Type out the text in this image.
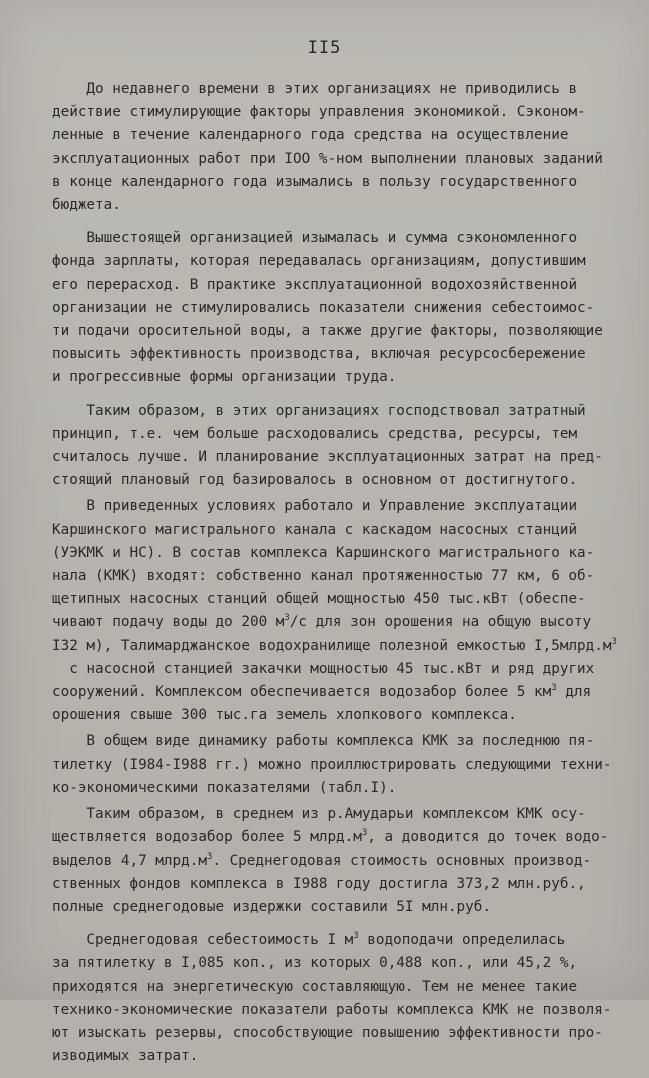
II5

До недавнего времени в этих организациях не приводились в
действие стимулирующие факторы управления экономикой. Сэконом-
ленные в течение календарного года средства на осуществление
эксплуатационных работ при IOO %-ном выполнении плановых заданий
в конце календарного года изымались в пользу государственного
бюджета.

Вышестоящей организацией изымалась и сумма сэкономленного
фонда зарплаты, которая передавалась организациям, допустившим
его перерасход. В практике эксплуатационной водохозяйственной
организации не стимулировались показатели снижения себестоимос-
ти подачи оросительной воды, а также другие факторы, позволяющие
повысить эффективность производства, включая ресурсосбережение
и прогрессивные формы организации труда.

Таким образом, в этих организациях господствовал затратный
принцип, т.е. чем больше расходовались средства, ресурсы, тем
считалось лучше. И планирование эксплуатационных затрат на пред-
стоящий плановый год базировалось в основном от достигнутого.

В приведенных условиях работало и Управление эксплуатации
Каршинского магистрального канала с каскадом насосных станций
(УЭКМК и НС). В состав комплекса Каршинского магистрального ка-
нала (КМК) входят: собственно канал протяженностью 77 км, 6 об-
щетипных насосных станций общей мощностью 450 тыс.кВт (обеспе-
чивают подачу воды до 200 $м^3/с$ для зон орошения на общую высоту
I32 м), Талимарджанское водохранилище полезной емкостью $I,5млрд.м^3$
с насосной станцией закачки мощностью 45 тыс.кВт и ряд других
сооружений. Комплексом обеспечивается водозабор более 5 $км^3$ для
орошения свыше 300 тыс.га земель хлопкового комплекса.

В общем виде динамику работы комплекса КМК за последнюю пя-
тилетку (I984-I988 гг.) можно проиллюстрировать следующими техни-
ко-экономическими показателями (табл.I).

Таким образом, в среднем из р.Амударьи комплексом КМК осу-
ществляется водозабор более 5 $млрд.м^3$, а доводится до точек водо-
выделов 4,7 $млрд.м^3$. Среднегодовая стоимость основных производ-
ственных фондов комплекса в I988 году достигла 373,2 млн.руб.,
полные среднегодовые издержки составили 5I млн.руб.

Среднегодовая себестоимость I $м^3$ водоподачи определилась
за пятилетку в I,085 коп., из которых 0,488 коп., или 45,2 %,
приходятся на энергетическую составляющую. Тем не менее такие
технико-экономические показатели работы комплекса КМК не позволя-
ют изыскать резервы, способствующие повышению эффективности про-
изводимых затрат.
